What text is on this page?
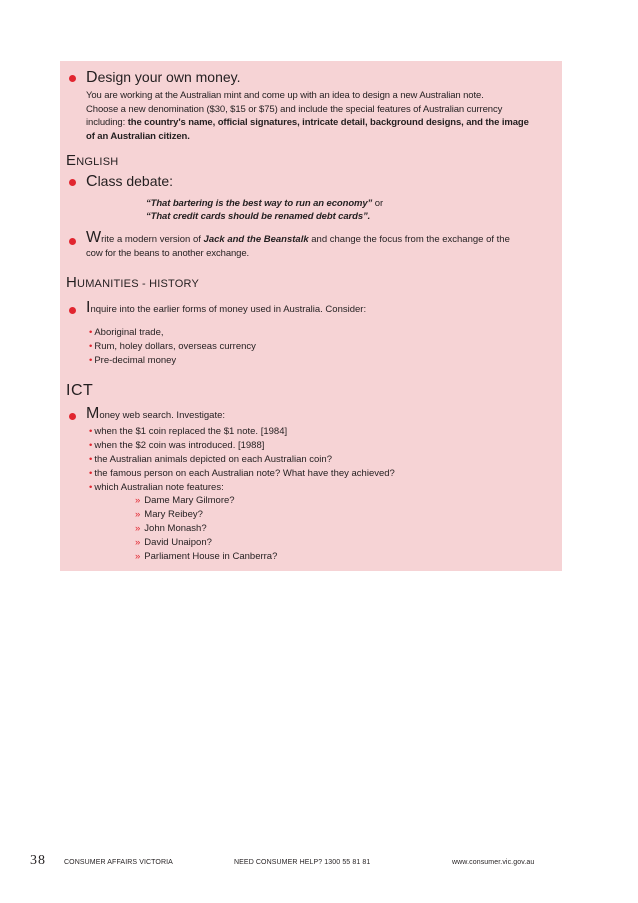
Design your own money.
You are working at the Australian mint and come up with an idea to design a new Australian note.
Choose a new denomination ($30, $15 or $75) and include the special features of Australian currency
including: the country's name, official signatures, intricate detail, background designs, and the image
of an Australian citizen.
ENGLISH
Class debate:
“That bartering is the best way to run an economy” or
“That credit cards should be renamed debt cards”.
Write a modern version of Jack and the Beanstalk and change the focus from the exchange of the
cow for the beans to another exchange.
HUMANITIES - HISTORY
Inquire into the earlier forms of money used in Australia. Consider:
• Aboriginal trade,
• Rum, holey dollars, overseas currency
• Pre-decimal money
ICT
Money web search. Investigate:
• when the $1 coin replaced the $1 note. [1984]
• when the $2 coin was introduced. [1988]
• the Australian animals depicted on each Australian coin?
• the famous person on each Australian note? What have they achieved?
• which Australian note features:
» Dame Mary Gilmore?
» Mary Reibey?
» John Monash?
» David Unaipon?
» Parliament House in Canberra?
38	CONSUMER AFFAIRS VICTORIA	NEED CONSUMER HELP? 1300 55 81 81	www.consumer.vic.gov.au
